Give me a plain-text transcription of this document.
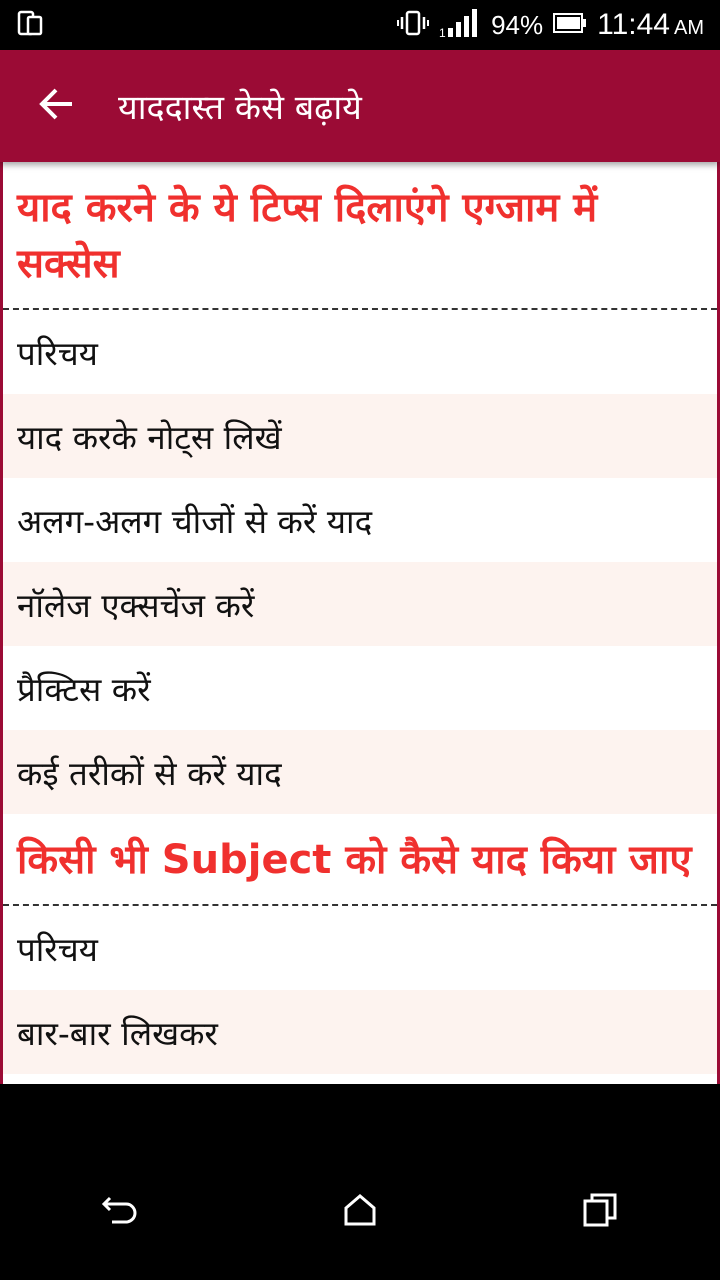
1 94% 11:44 AM
याददास्त केसे बढ़ाये
याद करने के ये टिप्स दिलाएंगे एग्जाम में सक्सेस
परिचय
याद करके नोट्स लिखें
अलग-अलग चीजों से करें याद
नॉलेज एक्सचेंज करें
प्रैक्टिस करें
कई तरीकों से करें याद
किसी भी Subject को कैसे याद किया जाए
परिचय
बार-बार लिखकर
